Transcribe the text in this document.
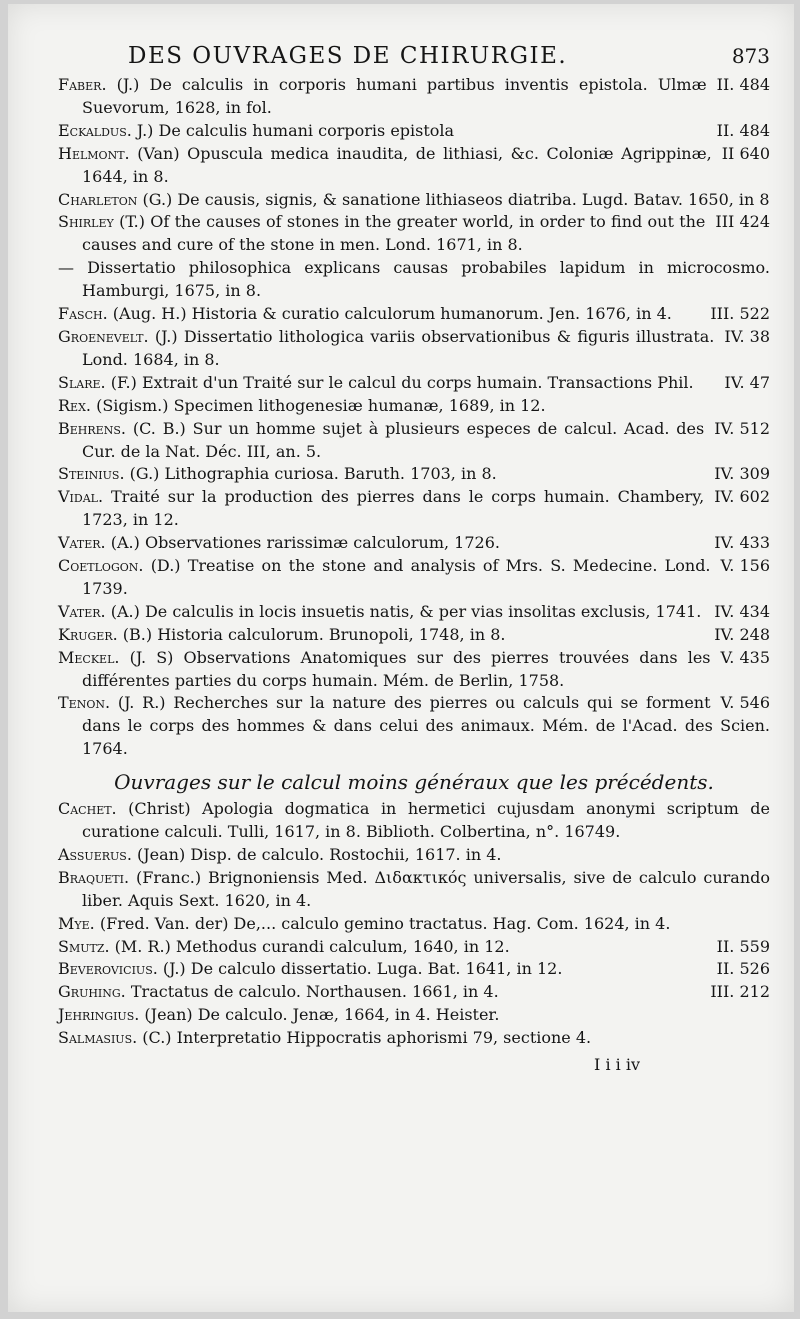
DES OUVRAGES DE CHIRURGIE.	873

II. 484
Faber. (J.) De calculis in corporis humani partibus inventis epistola. Ulmæ Suevorum, 1628, in fol.

II. 484
Eckaldus. J.) De calculis humani corporis epistola

II 640
Helmont. (Van) Opuscula medica inaudita, de lithiasi, &c. Coloniæ Agrippinæ, 1644, in 8.

Charleton (G.) De causis, signis, & sanatione lithiaseos diatriba. Lugd. Batav. 1650, in 8

III 424
Shirley (T.) Of the causes of stones in the greater world, in order to find out the causes and cure of the stone in men. Lond. 1671, in 8.

— Dissertatio philosophica explicans causas probabiles lapidum in microcosmo. Hamburgi, 1675, in 8.

III. 522
Fasch. (Aug. H.) Historia & curatio calculorum humanorum. Jen. 1676, in 4.

IV. 38
Groenevelt. (J.) Dissertatio lithologica variis observationibus & figuris illustrata. Lond. 1684, in 8.

IV. 47
Slare. (F.) Extrait d'un Traité sur le calcul du corps humain. Transactions Phil.

Rex. (Sigism.) Specimen lithogenesiæ humanæ, 1689, in 12.

IV. 512
Behrens. (C. B.) Sur un homme sujet à plusieurs especes de calcul. Acad. des Cur. de la Nat. Déc. III, an. 5.

IV. 309
Steinius. (G.) Lithographia curiosa. Baruth. 1703, in 8.

IV. 602
Vidal. Traité sur la production des pierres dans le corps humain. Chambery, 1723, in 12.

IV. 433
Vater. (A.) Observationes rarissimæ calculorum, 1726.

V. 156
Coetlogon. (D.) Treatise on the stone and analysis of Mrs. S. Medecine. Lond. 1739.

IV. 434
Vater. (A.) De calculis in locis insuetis natis, & per vias insolitas exclusis, 1741.

IV. 248
Kruger. (B.) Historia calculorum. Brunopoli, 1748, in 8.

V. 435
Meckel. (J. S) Observations Anatomiques sur des pierres trouvées dans les différentes parties du corps humain. Mém. de Berlin, 1758.

V. 546
Tenon. (J. R.) Recherches sur la nature des pierres ou calculs qui se forment dans le corps des hommes & dans celui des animaux. Mém. de l'Acad. des Scien. 1764.

Ouvrages sur le calcul moins généraux que les précédents.

Cachet. (Christ) Apologia dogmatica in hermetici cujusdam anonymi scriptum de curatione calculi. Tulli, 1617, in 8. Biblioth. Colbertina, n°. 16749.

Assuerus. (Jean) Disp. de calculo. Rostochii, 1617. in 4.

Braqueti. (Franc.) Brignoniensis Med. Διδακτικός universalis, sive de calculo curando liber. Aquis Sext. 1620, in 4.

Mye. (Fred. Van. der) De,... calculo gemino tractatus. Hag. Com. 1624, in 4.

II. 559
Smutz. (M. R.) Methodus curandi calculum, 1640, in 12.

II. 526
Beverovicius. (J.) De calculo dissertatio. Luga. Bat. 1641, in 12.

III. 212
Gruhing. Tractatus de calculo. Northausen. 1661, in 4.

Jehringius. (Jean) De calculo. Jenæ, 1664, in 4. Heister.

Salmasius. (C.) Interpretatio Hippocratis aphorismi 79, sectione 4.

I i i iv
